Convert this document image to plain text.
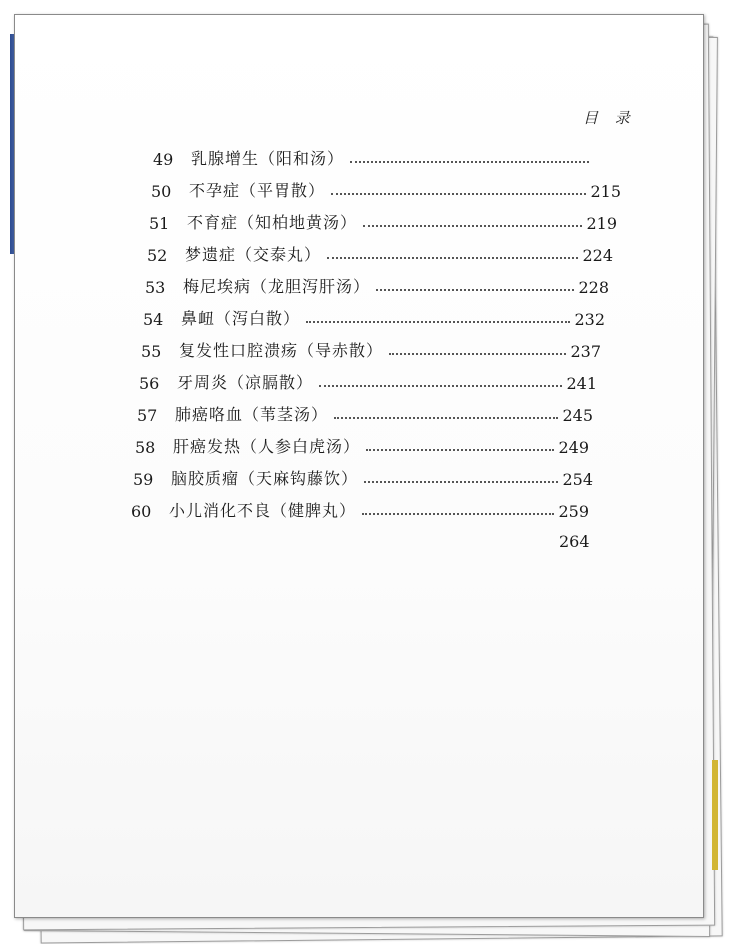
目 录
49	乳腺增生（阳和汤）
50	不孕症（平胃散）	215
51	不育症（知柏地黄汤）	219
52	梦遗症（交泰丸）	224
53	梅尼埃病（龙胆泻肝汤）	228
54	鼻衄（泻白散）	232
55	复发性口腔溃疡（导赤散）	237
56	牙周炎（凉膈散）	241
57	肺癌咯血（苇茎汤）	245
58	肝癌发热（人参白虎汤）	249
59	脑胶质瘤（天麻钩藤饮）	254
60	小儿消化不良（健脾丸）	259
264
